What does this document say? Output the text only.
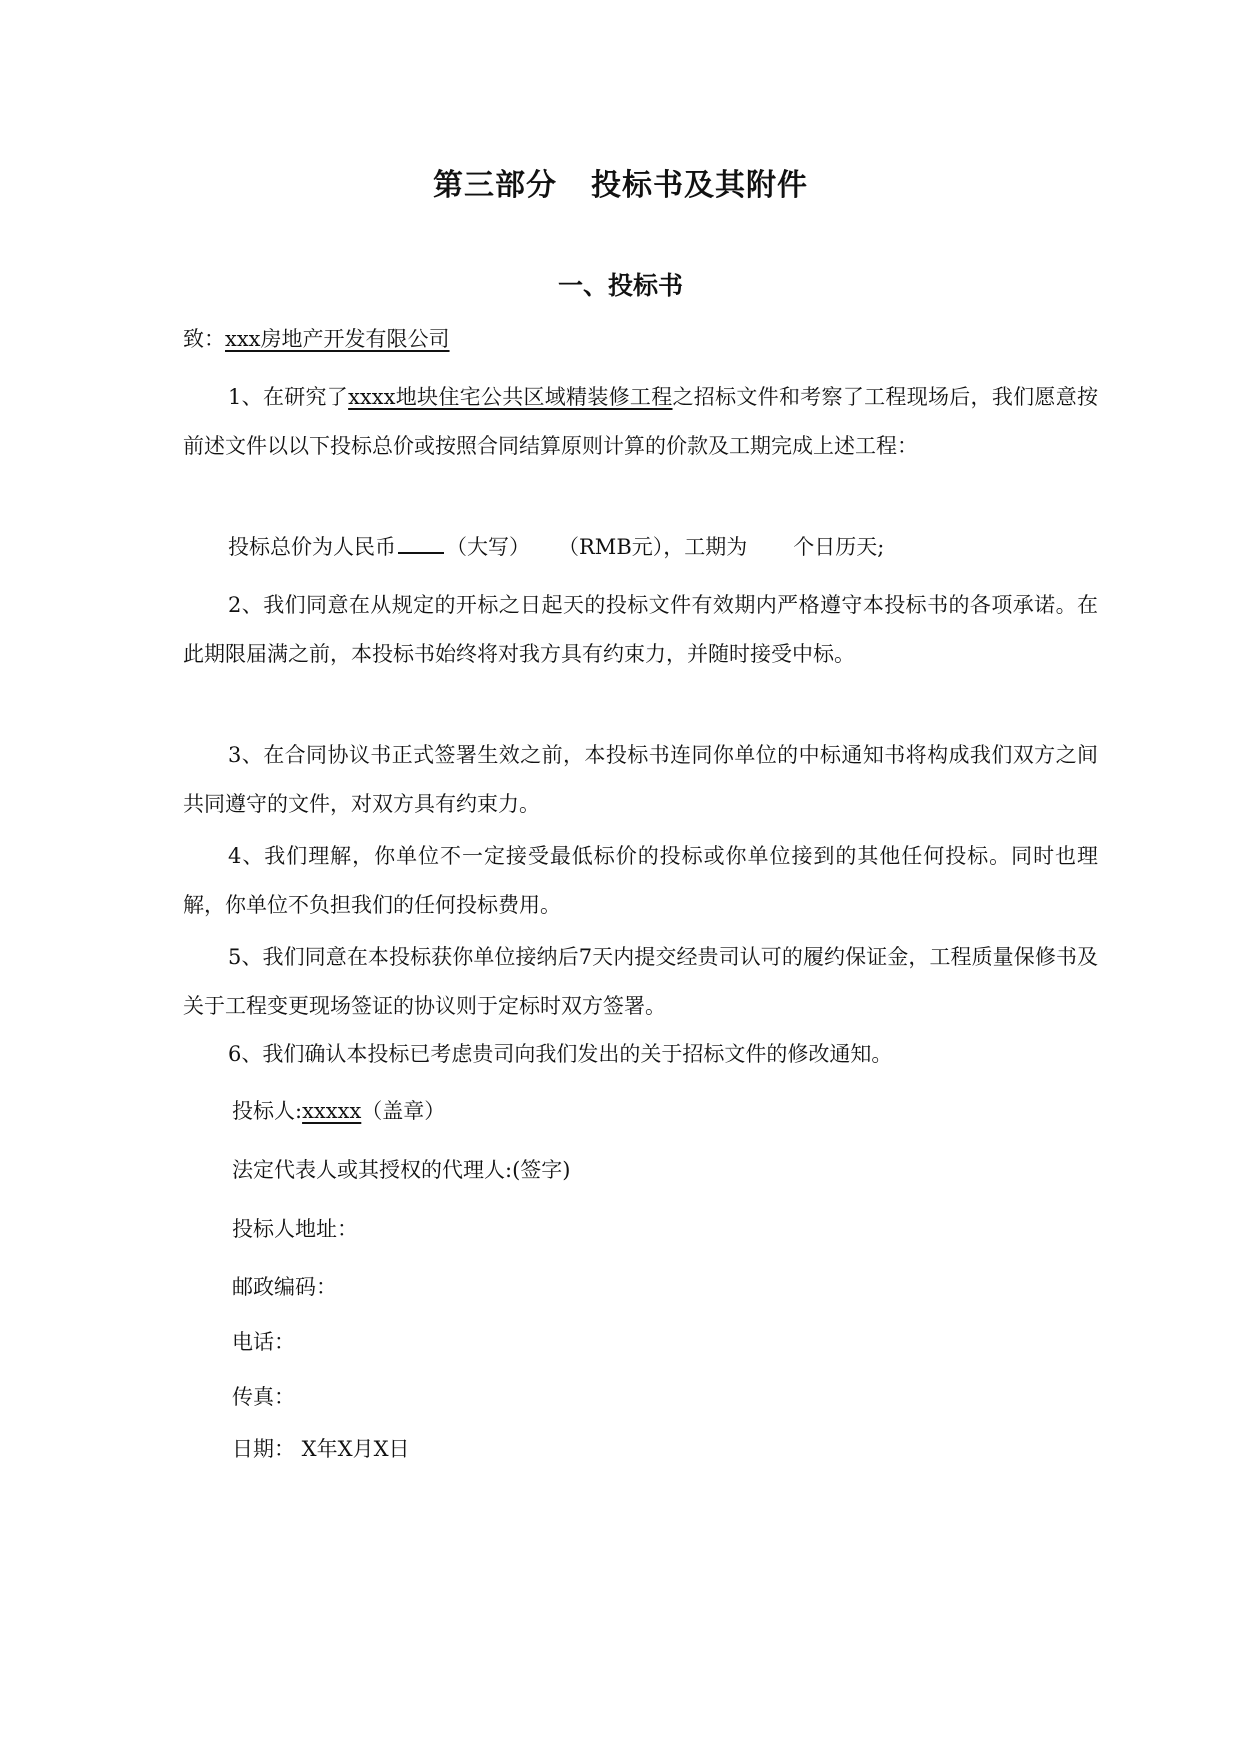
第三部分 投标书及其附件
一、投标书
致：xxx房地产开发有限公司
1、在研究了xxxx地块住宅公共区域精装修工程之招标文件和考察了工程现场后，我们愿意按前述文件以以下投标总价或按照合同结算原则计算的价款及工期完成上述工程：
投标总价为人民币 （大写） （RMB元），工期为 个日历天;
2、我们同意在从规定的开标之日起天的投标文件有效期内严格遵守本投标书的各项承诺。在此期限届满之前，本投标书始终将对我方具有约束力，并随时接受中标。
3、在合同协议书正式签署生效之前，本投标书连同你单位的中标通知书将构成我们双方之间共同遵守的文件，对双方具有约束力。
4、我们理解，你单位不一定接受最低标价的投标或你单位接到的其他任何投标。同时也理解，你单位不负担我们的任何投标费用。
5、我们同意在本投标获你单位接纳后7天内提交经贵司认可的履约保证金，工程质量保修书及关于工程变更现场签证的协议则于定标时双方签署。
6、我们确认本投标已考虑贵司向我们发出的关于招标文件的修改通知。
投标人:xxxxx（盖章）
法定代表人或其授权的代理人:(签字)
投标人地址：
邮政编码：
电话：
传真：
日期： X年X月X日
